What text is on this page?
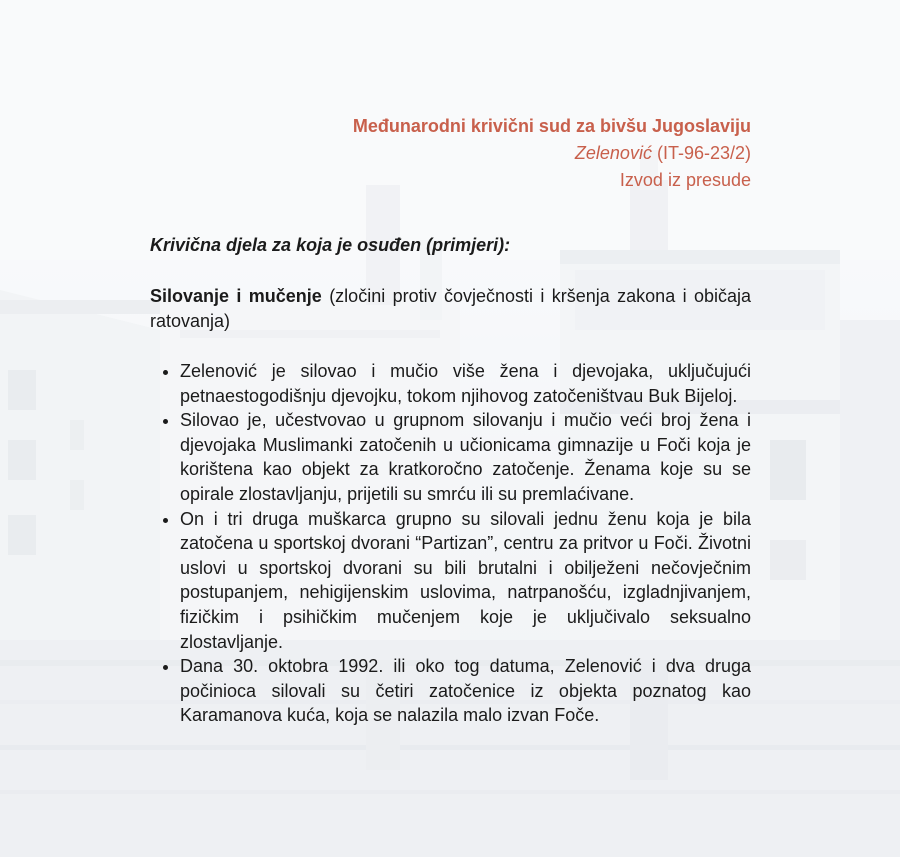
Međunarodni krivični sud za bivšu Jugoslaviju
Zelenović (IT-96-23/2)
Izvod iz presude
Krivična djela za koja je osuđen (primjeri):
Silovanje i mučenje (zločini protiv čovječnosti i kršenja zakona i običaja ratovanja)
• Zelenović je silovao i mučio više žena i djevojaka, uključujući petnaestogodišnju djevojku, tokom njihovog zatočeništvau Buk Bijeloj.
• Silovao je, učestvovao u grupnom silovanju i mučio veći broj žena i djevojaka Muslimanki zatočenih u učionicama gimnazije u Foči koja je korištena kao objekt za kratkoročno zatočenje. Ženama koje su se opirale zlostavljanju, prijetili su smrću ili su premlaćivane.
• On i tri druga muškarca grupno su silovali jednu ženu koja je bila zatočena u sportskoj dvorani “Partizan”, centru za pritvor u Foči. Životni uslovi u sportskoj dvorani su bili brutalni i obilježeni nečovječnim postupanjem, nehigijenskim uslovima, natrpanošću, izgladnjivanjem, fizičkim i psihičkim mučenjem koje je uključivalo seksualno zlostavljanje.
• Dana 30. oktobra 1992. ili oko tog datuma, Zelenović i dva druga počinioca silovali su četiri zatočenice iz objekta poznatog kao Karamanova kuća, koja se nalazila malo izvan Foče.
